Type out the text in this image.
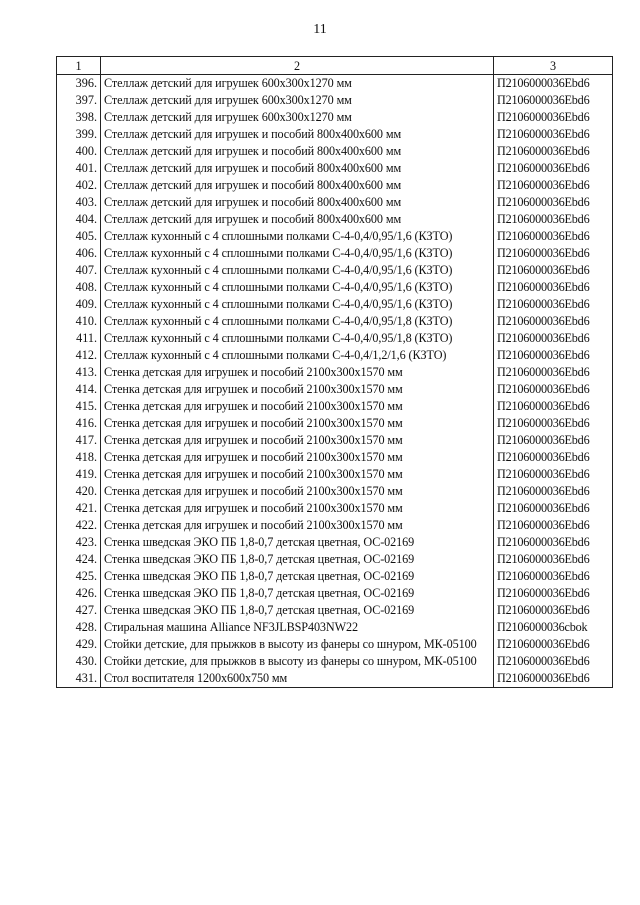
11
1	2	3
396.	Стеллаж детский для игрушек 600x300x1270 мм	П2106000036Ebd6
397.	Стеллаж детский для игрушек 600x300x1270 мм	П2106000036Ebd6
398.	Стеллаж детский для игрушек 600x300x1270 мм	П2106000036Ebd6
399.	Стеллаж детский для игрушек и пособий 800x400x600 мм	П2106000036Ebd6
400.	Стеллаж детский для игрушек и пособий 800x400x600 мм	П2106000036Ebd6
401.	Стеллаж детский для игрушек и пособий 800x400x600 мм	П2106000036Ebd6
402.	Стеллаж детский для игрушек и пособий 800x400x600 мм	П2106000036Ebd6
403.	Стеллаж детский для игрушек и пособий 800x400x600 мм	П2106000036Ebd6
404.	Стеллаж детский для игрушек и пособий 800x400x600 мм	П2106000036Ebd6
405.	Стеллаж кухонный с 4 сплошными полками С-4-0,4/0,95/1,6 (КЗТО)	П2106000036Ebd6
406.	Стеллаж кухонный с 4 сплошными полками С-4-0,4/0,95/1,6 (КЗТО)	П2106000036Ebd6
407.	Стеллаж кухонный с 4 сплошными полками С-4-0,4/0,95/1,6 (КЗТО)	П2106000036Ebd6
408.	Стеллаж кухонный с 4 сплошными полками С-4-0,4/0,95/1,6 (КЗТО)	П2106000036Ebd6
409.	Стеллаж кухонный с 4 сплошными полками С-4-0,4/0,95/1,6 (КЗТО)	П2106000036Ebd6
410.	Стеллаж кухонный с 4 сплошными полками С-4-0,4/0,95/1,8 (КЗТО)	П2106000036Ebd6
411.	Стеллаж кухонный с 4 сплошными полками С-4-0,4/0,95/1,8 (КЗТО)	П2106000036Ebd6
412.	Стеллаж кухонный с 4 сплошными полками С-4-0,4/1,2/1,6 (КЗТО)	П2106000036Ebd6
413.	Стенка детская для игрушек и пособий 2100x300x1570 мм	П2106000036Ebd6
414.	Стенка детская для игрушек и пособий 2100x300x1570 мм	П2106000036Ebd6
415.	Стенка детская для игрушек и пособий 2100x300x1570 мм	П2106000036Ebd6
416.	Стенка детская для игрушек и пособий 2100x300x1570 мм	П2106000036Ebd6
417.	Стенка детская для игрушек и пособий 2100x300x1570 мм	П2106000036Ebd6
418.	Стенка детская для игрушек и пособий 2100x300x1570 мм	П2106000036Ebd6
419.	Стенка детская для игрушек и пособий 2100x300x1570 мм	П2106000036Ebd6
420.	Стенка детская для игрушек и пособий 2100x300x1570 мм	П2106000036Ebd6
421.	Стенка детская для игрушек и пособий 2100x300x1570 мм	П2106000036Ebd6
422.	Стенка детская для игрушек и пособий 2100x300x1570 мм	П2106000036Ebd6
423.	Стенка шведская ЭКО ПБ 1,8-0,7 детская цветная, ОС-02169	П2106000036Ebd6
424.	Стенка шведская ЭКО ПБ 1,8-0,7 детская цветная, ОС-02169	П2106000036Ebd6
425.	Стенка шведская ЭКО ПБ 1,8-0,7 детская цветная, ОС-02169	П2106000036Ebd6
426.	Стенка шведская ЭКО ПБ 1,8-0,7 детская цветная, ОС-02169	П2106000036Ebd6
427.	Стенка шведская ЭКО ПБ 1,8-0,7 детская цветная, ОС-02169	П2106000036Ebd6
428.	Стиральная машина Alliance NF3JLBSP403NW22	П2106000036cbok
429.	Стойки детские, для прыжков в высоту из фанеры со шнуром, МК-05100	П2106000036Ebd6
430.	Стойки детские, для прыжков в высоту из фанеры со шнуром, МК-05100	П2106000036Ebd6
431.	Стол воспитателя 1200x600x750 мм	П2106000036Ebd6
